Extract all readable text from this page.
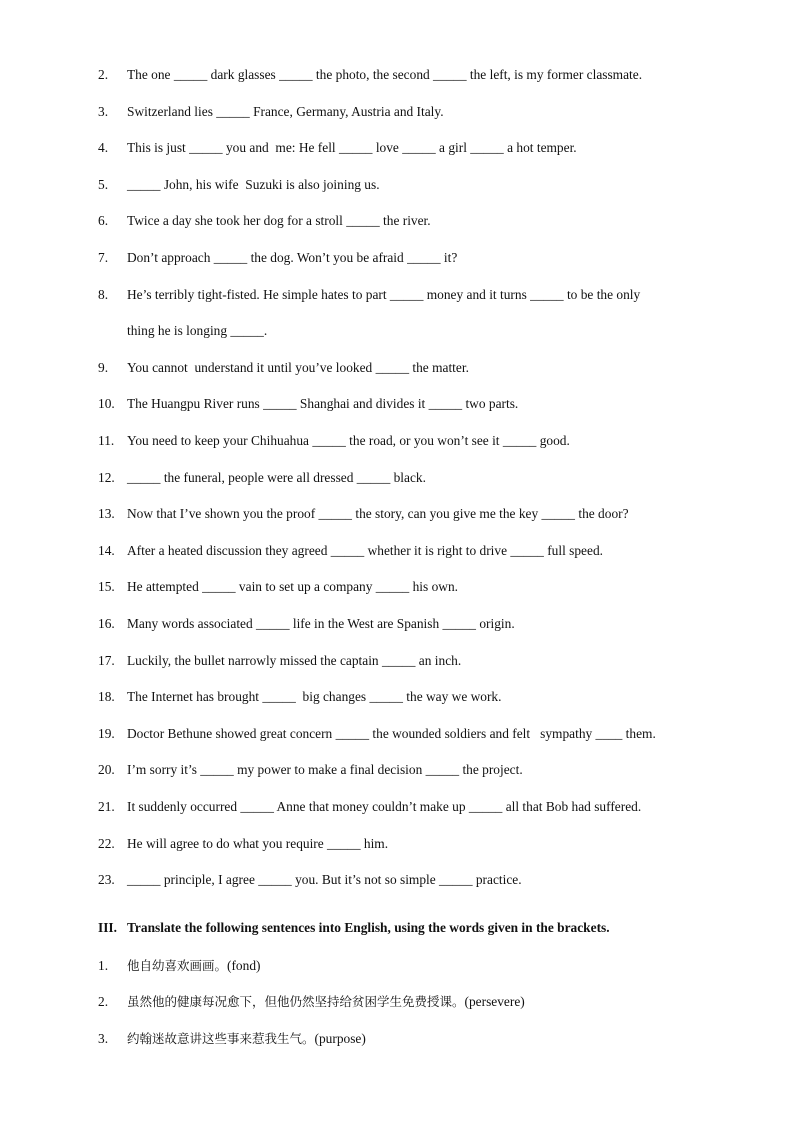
2.	The one _____ dark glasses _____ the photo, the second _____ the left, is my former classmate.
3.	Switzerland lies _____ France, Germany, Austria and Italy.
4.	This is just _____ you and  me: He fell _____ love _____ a girl _____ a hot temper.
5.	_____ John, his wife  Suzuki is also joining us.
6.	Twice a day she took her dog for a stroll _____ the river.
7.	Don’t approach _____ the dog. Won’t you be afraid _____ it?
8.	He’s terribly tight-fisted. He simple hates to part _____ money and it turns _____ to be the only
thing he is longing _____.
9.	You cannot  understand it until you’ve looked _____ the matter.
10. The Huangpu River runs _____ Shanghai and divides it _____ two parts.
11. You need to keep your Chihuahua _____ the road, or you won’t see it _____ good.
12. _____ the funeral, people were all dressed _____ black.
13. Now that I’ve shown you the proof _____ the story, can you give me the key _____ the door?
14. After a heated discussion they agreed _____ whether it is right to drive _____ full speed.
15. He attempted _____ vain to set up a company _____ his own.
16. Many words associated _____ life in the West are Spanish _____ origin.
17. Luckily, the bullet narrowly missed the captain _____ an inch.
18. The Internet has brought _____  big changes _____ the way we work.
19. Doctor Bethune showed great concern _____ the wounded soldiers and felt   sympathy ____ them.
20. I’m sorry it’s _____ my power to make a final decision _____ the project.
21. It suddenly occurred _____ Anne that money couldn’t make up _____ all that Bob had suffered.
22. He will agree to do what you require _____ him.
23. _____ principle, I agree _____ you. But it’s not so simple _____ practice.
III. Translate the following sentences into English, using the words given in the brackets.
1.	他自幼喜欢画画。 (fond)
2.	虽然他的健康每况愈下，但他仍然坚持给贫困学生免费授课。 (persevere)
3.	约翰迷故意讲这些事来惹我生气。 (purpose)
